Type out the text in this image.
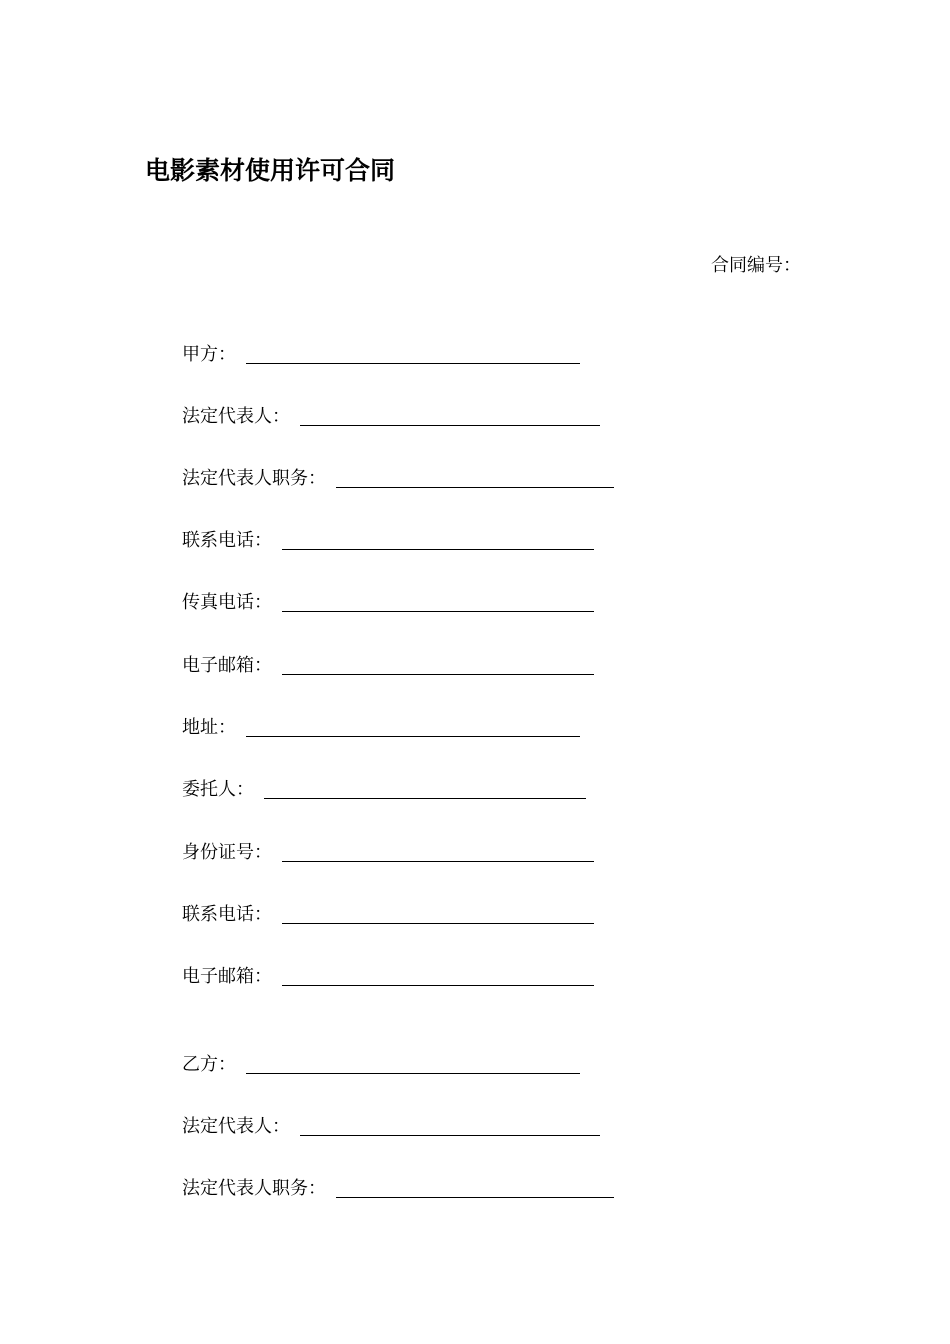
电影素材使用许可合同
合同编号：
甲方：
法定代表人：
法定代表人职务：
联系电话：
传真电话：
电子邮箱：
地址：
委托人：
身份证号：
联系电话：
电子邮箱：
乙方：
法定代表人：
法定代表人职务：
